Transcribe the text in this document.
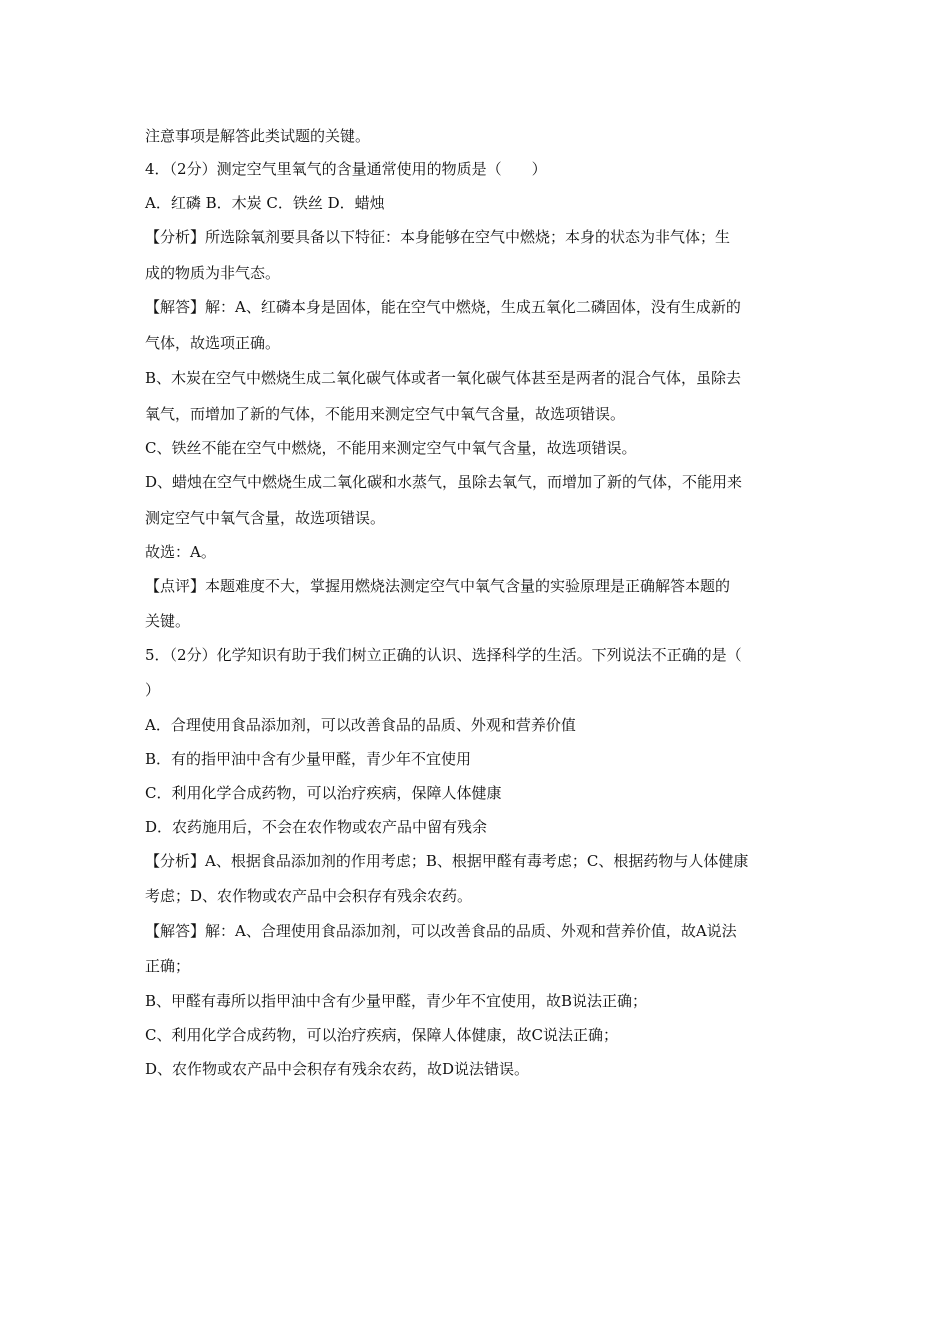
注意事项是解答此类试题的关键。
4．（2分）测定空气里氧气的含量通常使用的物质是（　　）
A．红磷 B．木炭 C．铁丝 D．蜡烛
【分析】所选除氧剂要具备以下特征：本身能够在空气中燃烧；本身的状态为非气体；生
成的物质为非气态。
【解答】解：A、红磷本身是固体，能在空气中燃烧，生成五氧化二磷固体，没有生成新的
气体，故选项正确。
B、木炭在空气中燃烧生成二氧化碳气体或者一氧化碳气体甚至是两者的混合气体，虽除去
氧气，而增加了新的气体，不能用来测定空气中氧气含量，故选项错误。
C、铁丝不能在空气中燃烧，不能用来测定空气中氧气含量，故选项错误。
D、蜡烛在空气中燃烧生成二氧化碳和水蒸气，虽除去氧气，而增加了新的气体，不能用来
测定空气中氧气含量，故选项错误。
故选：A。
【点评】本题难度不大，掌握用燃烧法测定空气中氧气含量的实验原理是正确解答本题的
关键。
5．（2分）化学知识有助于我们树立正确的认识、选择科学的生活。下列说法不正确的是（
）
A．合理使用食品添加剂，可以改善食品的品质、外观和营养价值
B．有的指甲油中含有少量甲醛，青少年不宜使用
C．利用化学合成药物，可以治疗疾病，保障人体健康
D．农药施用后，不会在农作物或农产品中留有残余
【分析】A、根据食品添加剂的作用考虑；B、根据甲醛有毒考虑；C、根据药物与人体健康
考虑；D、农作物或农产品中会积存有残余农药。
【解答】解：A、合理使用食品添加剂，可以改善食品的品质、外观和营养价值，故A说法
正确；
B、甲醛有毒所以指甲油中含有少量甲醛，青少年不宜使用，故B说法正确；
C、利用化学合成药物，可以治疗疾病，保障人体健康，故C说法正确；
D、农作物或农产品中会积存有残余农药，故D说法错误。
